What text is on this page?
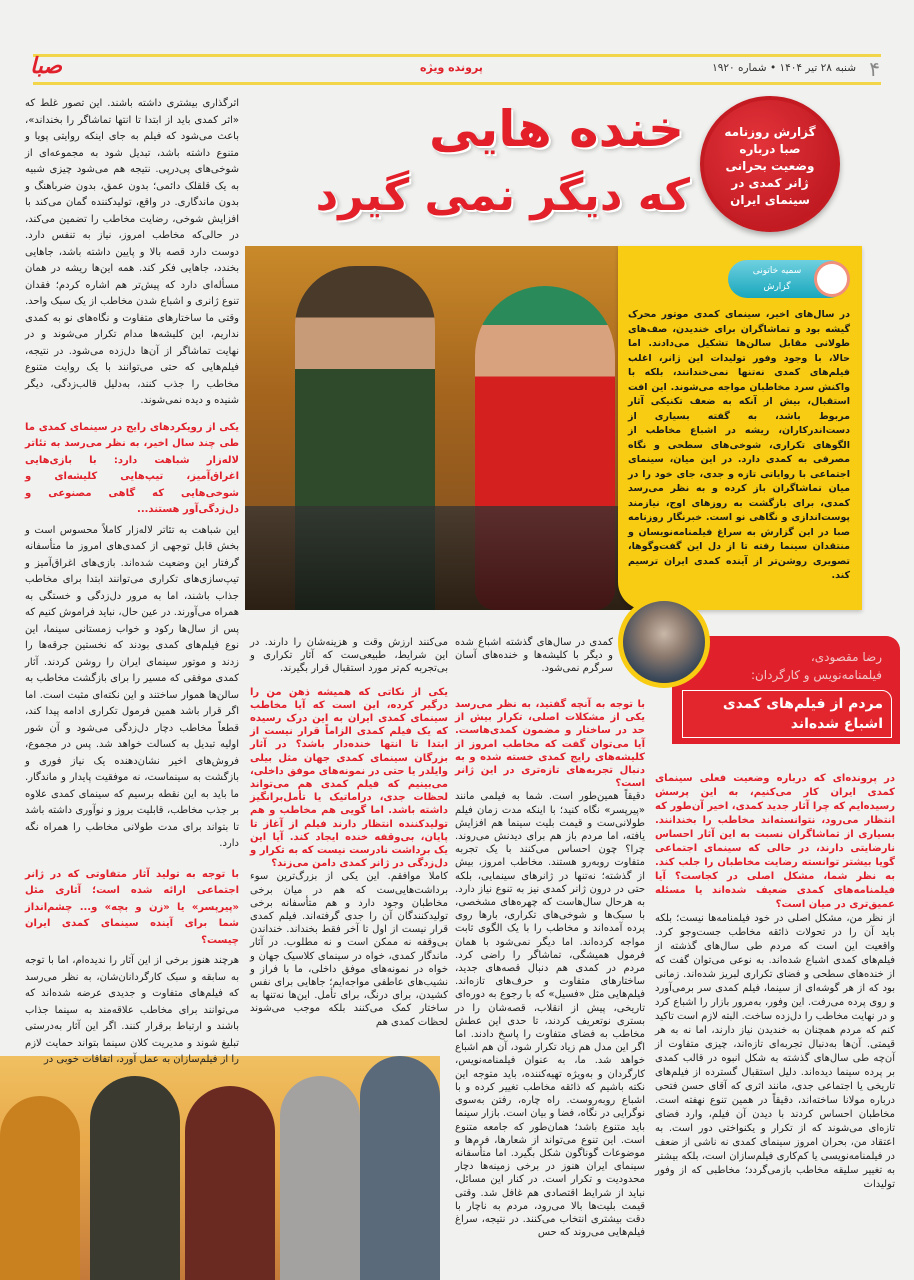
۴
شنبه ۲۸ تیر ۱۴۰۴ • شماره ۱۹۲۰
پرونده ویژه
صبا
خنده هایی
که دیگر نمی گیرد
گزارش روزنامه صبا درباره وضعیت بحرانی ژانر کمدی در سینمای ایران

اثرگذاری بیشتری داشته باشند. این تصور غلط که «اثر کمدی باید از ابتدا تا انتها تماشاگر را بخنداند»، باعث می‌شود که فیلم به جای اینکه روایتی پویا و متنوع داشته باشد، تبدیل شود به مجموعه‌ای از شوخی‌های پی‌درپی. نتیجه هم می‌شود چیزی شبیه به یک قلقلک دائمی؛ بدون عمق، بدون ضرباهنگ و بدون ماندگاری. در واقع، تولیدکننده گمان می‌کند با افزایش شوخی، رضایت مخاطب را تضمین می‌کند، در حالی‌که مخاطب امروز، نیاز به تنفس دارد. دوست دارد قصه بالا و پایین داشته باشد، جاهایی بخندد، جاهایی فکر کند. همه این‌ها ریشه در همان مسأله‌ای دارد که پیش‌تر هم اشاره کردم؛ فقدان تنوع ژانری و اشباع شدن مخاطب از یک سبک واحد. وقتی ما ساختارهای متفاوت و نگاه‌های نو به کمدی نداریم، این کلیشه‌ها مدام تکرار می‌شوند و در نهایت تماشاگر از آن‌ها دل‌زده می‌شود. در نتیجه، فیلم‌هایی که حتی می‌توانند با یک روایت متنوع مخاطب را جذب کنند، به‌دلیل قالب‌زدگی، دیگر شنیده و دیده نمی‌شوند.

یکی از رویکردهای رایج در سینمای کمدی ما طی چند سال اخیر، به نظر می‌رسد به تئاتر لاله‌زار شباهت دارد: با بازی‌هایی اغراق‌آمیز، تیپ‌هایی کلیشه‌ای و شوخی‌هایی که گاهی مصنوعی و دل‌زدگی‌آور هستند...

این شباهت به تئاتر لاله‌زار کاملاً محسوس است و بخش قابل توجهی از کمدی‌های امروز ما متأسفانه گرفتار این وضعیت شده‌اند. بازی‌های اغراق‌آمیز و تیپ‌سازی‌های تکراری می‌توانند ابتدا برای مخاطب جذاب باشند، اما به مرور دل‌زدگی و خستگی به همراه می‌آورند. در عین حال، نباید فراموش کنیم که پس از سال‌ها رکود و خواب زمستانی سینما، این نوع فیلم‌های کمدی بودند که نخستین جرقه‌ها را زدند و موتور سینمای ایران را روشن کردند. آثار کمدی موفقی که مسیر را برای بازگشت مخاطب به سالن‌ها هموار ساختند و این نکته‌ای مثبت است. اما اگر قرار باشد همین فرمول تکراری ادامه پیدا کند، قطعاً مخاطب دچار دل‌زدگی می‌شود و آن شور اولیه تبدیل به کسالت خواهد شد. پس در مجموع، فروش‌های اخیر نشان‌دهنده یک نیاز فوری و بازگشت به سینماست، نه موفقیت پایدار و ماندگار. ما باید به این نقطه برسیم که سینمای کمدی علاوه بر جذب مخاطب، قابلیت بروز و نوآوری داشته باشد تا بتواند برای مدت طولانی مخاطب را همراه نگه دارد.

با توجه به تولید آثار متفاوتی که در ژانر اجتماعی ارائه شده است؛ آثاری مثل «پیرپسر» یا «زن و بچه» و... چشم‌انداز شما برای آینده سینمای کمدی ایران چیست؟

هرچند هنوز برخی از این آثار را ندیده‌ام، اما با توجه به سابقه و سبک کارگردانان‌شان، به نظر می‌رسد که فیلم‌های متفاوت و جدیدی عرضه شده‌اند که می‌توانند برای مخاطب علاقه‌مند به سینما جذاب باشند و ارتباط برقرار کنند. اگر این آثار به‌درستی تبلیغ شوند و مدیریت کلان سینما بتواند حمایت لازم را از فیلم‌سازان به عمل آورد، اتفاقات خوبی در

سمیه خاتونی
گزارش

در سال‌های اخیر، سینمای کمدی موتور محرک گیشه بود و تماشاگران برای خندیدن، صف‌های طولانی مقابل سالن‌ها تشکیل می‌دادند. اما حالا، با وجود وفور تولیدات این ژانر، اغلب فیلم‌های کمدی نه‌تنها نمی‌خندانند، بلکه با واکنش سرد مخاطبان مواجه می‌شوند. این افت استقبال، بیش از آنکه به ضعف تکنیکی آثار مربوط باشد، به گفته بسیاری از دست‌اندرکاران، ریشه در اشباع مخاطب از الگوهای تکراری، شوخی‌های سطحی و نگاه مصرفی به کمدی دارد. در این میان، سینمای اجتماعی با روایاتی تازه و جدی، جای خود را در میان تماشاگران باز کرده و به نظر می‌رسد کمدی، برای بازگشت به روزهای اوج، نیازمند پوست‌اندازی و نگاهی نو است. خبرنگار روزنامه صبا در این گزارش به سراغ فیلمنامه‌نویسان و منتقدان سینما رفته تا از دل این گفت‌وگوها، تصویری روشن‌تر از آینده کمدی ایران ترسیم کند.

رضا مقصودی،
فیلمنامه‌نویس و کارگردان:
مردم از فیلم‌های کمدی اشباع شده‌اند

می‌کنند ارزش وقت و هزینه‌شان را دارند. در این شرایط، طبیعی‌ست که آثار تکراری و بی‌تجربه کم‌تر مورد استقبال قرار بگیرند.

یکی از نکاتی که همیشه ذهن من را درگیر کرده، این است که آیا مخاطب سینمای کمدی ایران به این درک رسیده که یک فیلم کمدی الزاماً قرار نیست از ابتدا تا انتها خنده‌دار باشد؟ در آثار بزرگان سینمای کمدی جهان مثل بیلی وایلدر یا حتی در نمونه‌های موفق داخلی، می‌بینیم که فیلم کمدی هم می‌تواند لحظات جدی، دراماتیک یا تأمل‌برانگیز داشته باشد. اما گویی هم مخاطب و هم تولیدکننده انتظار دارند فیلم از آغاز تا پایان، بی‌وقفه خنده ایجاد کند. آیا این یک برداشت نادرست نیست که به تکرار و دل‌زدگی در ژانر کمدی دامن می‌زند؟

کاملا موافقم. این یکی از بزرگ‌ترین سوء برداشت‌هایی‌ست که هم در میان برخی مخاطبان وجود دارد و هم متأسفانه برخی تولیدکنندگان آن را جدی گرفته‌اند. فیلم کمدی قرار نیست از اول تا آخر فقط بخنداند. خنداندن بی‌وقفه نه ممکن است و نه مطلوب. در آثار ماندگار کمدی، خواه در سینمای کلاسیک جهان و خواه در نمونه‌های موفق داخلی، ما با فراز و نشیب‌های عاطفی مواجه‌ایم؛ جاهایی برای نفس کشیدن، برای درنگ، برای تأمل. این‌ها نه‌تنها به ساختار کمک می‌کنند بلکه موجب می‌شوند لحظات کمدی هم

کمدی در سال‌های گذشته اشباع شده و دیگر با کلیشه‌ها و خنده‌های آسان سرگرم نمی‌شود.

با توجه به آنچه گفتید، به نظر می‌رسد یکی از مشکلات اصلی، تکرار بیش از حد در ساختار و مضمون کمدی‌هاست. آیا می‌توان گفت که مخاطب امروز از کلیشه‌های رایج کمدی خسته شده و به دنبال تجربه‌های تازه‌تری در این ژانر است؟

دقیقاً همین‌طور است. شما به فیلمی مانند «پیرپسر» نگاه کنید؛ با اینکه مدت زمان فیلم طولانی‌ست و قیمت بلیت سینما هم افزایش یافته، اما مردم باز هم برای دیدنش می‌روند. چرا؟ چون احساس می‌کنند با یک تجربه متفاوت روبه‌رو هستند. مخاطب امروز، بیش از گذشته؛ نه‌تنها در ژانرهای سینمایی، بلکه حتی در درون ژانر کمدی نیز به تنوع نیاز دارد. به هرحال سال‌هاست که چهره‌های مشخصی، با سبک‌ها و شوخی‌های تکراری، بارها روی پرده آمده‌اند و مخاطب را با یک الگوی ثابت مواجه کرده‌اند. اما دیگر نمی‌شود با همان فرمول همیشگی، تماشاگر را راضی کرد. مردم در کمدی هم دنبال قصه‌های جدید، ساختارهای متفاوت و حرف‌های تازه‌اند. فیلم‌هایی مثل «فسیل» که با رجوع به دوره‌ای تاریخی، پیش از انقلاب، قصه‌شان را در بستری نوتعریف کردند، تا حدی این عطش مخاطب به فضای متفاوت را پاسخ دادند. اما اگر این مدل هم زیاد تکرار شود، آن هم اشباع خواهد شد. ما، به عنوان فیلمنامه‌نویس، کارگردان و به‌ویژه تهیه‌کننده، باید متوجه این نکته باشیم که ذائقه مخاطب تغییر کرده و با اشباع روبه‌روست. راه چاره، رفتن به‌سوی نوگرایی در نگاه، فضا و بیان است. بازار سینما باید متنوع باشد؛ همان‌طور که جامعه متنوع است. این تنوع می‌تواند از شعارها، فرم‌ها و موضوعات گوناگون شکل بگیرد. اما متأسفانه سینمای ایران هنوز در برخی زمینه‌ها دچار محدودیت و تکرار است. در کنار این مسائل، نباید از شرایط اقتصادی هم غافل شد. وقتی قیمت بلیت‌ها بالا می‌رود، مردم به ناچار با دقت بیشتری انتخاب می‌کنند. در نتیجه، سراغ فیلم‌هایی می‌روند که حس

در پرونده‌ای که درباره وضعیت فعلی سینمای کمدی ایران کار می‌کنیم، به این پرسش رسیده‌ایم که چرا آثار جدید کمدی، اخیر آن‌طور که انتظار می‌رود، نتوانسته‌اند مخاطب را بخندانند. بسیاری از تماشاگران نسبت به این آثار احساس نارضایتی دارند، در حالی که سینمای اجتماعی گویا بیشتر توانسته رضایت مخاطبان را جلب کند. به نظر شما، مشکل اصلی در کجاست؟ آیا فیلمنامه‌های کمدی ضعیف شده‌اند یا مسئله عمیق‌تری در میان است؟

از نظر من، مشکل اصلی در خود فیلمنامه‌ها نیست؛ بلکه باید آن را در تحولات ذائقه مخاطب جست‌وجو کرد. واقعیت این است که مردم طی سال‌های گذشته از فیلم‌های کمدی اشباع شده‌اند. به نوعی می‌توان گفت که از خنده‌های سطحی و فضای تکراری لبریز شده‌اند. زمانی بود که از هر گوشه‌ای از سینما، فیلم کمدی سر برمی‌آورد و روی پرده می‌رفت. این وفور، به‌مرور بازار را اشباع کرد و در نهایت مخاطب را دل‌زده ساخت. البته لازم است تاکید کنم که مردم همچنان به خندیدن نیاز دارند، اما نه به هر قیمتی. آن‌ها به‌دنبال تجربه‌ای تازه‌اند، چیزی متفاوت از آن‌چه طی سال‌های گذشته به شکل انبوه در قالب کمدی بر پرده سینما دیده‌اند. دلیل استقبال گسترده از فیلم‌های تاریخی یا اجتماعی جدی، مانند اثری که آقای حسن فتحی درباره مولانا ساخته‌اند، دقیقاً در همین تنوع نهفته است. مخاطبان احساس کردند با دیدن آن فیلم، وارد فضای تازه‌ای می‌شوند که از تکرار و یکنواختی دور است. به اعتقاد من، بحران امروز سینمای کمدی نه ناشی از ضعف در فیلمنامه‌نویسی یا کم‌کاری فیلم‌سازان است، بلکه بیشتر به تغییر سلیقه مخاطب بازمی‌گردد؛ مخاطبی که از وفور تولیدات
